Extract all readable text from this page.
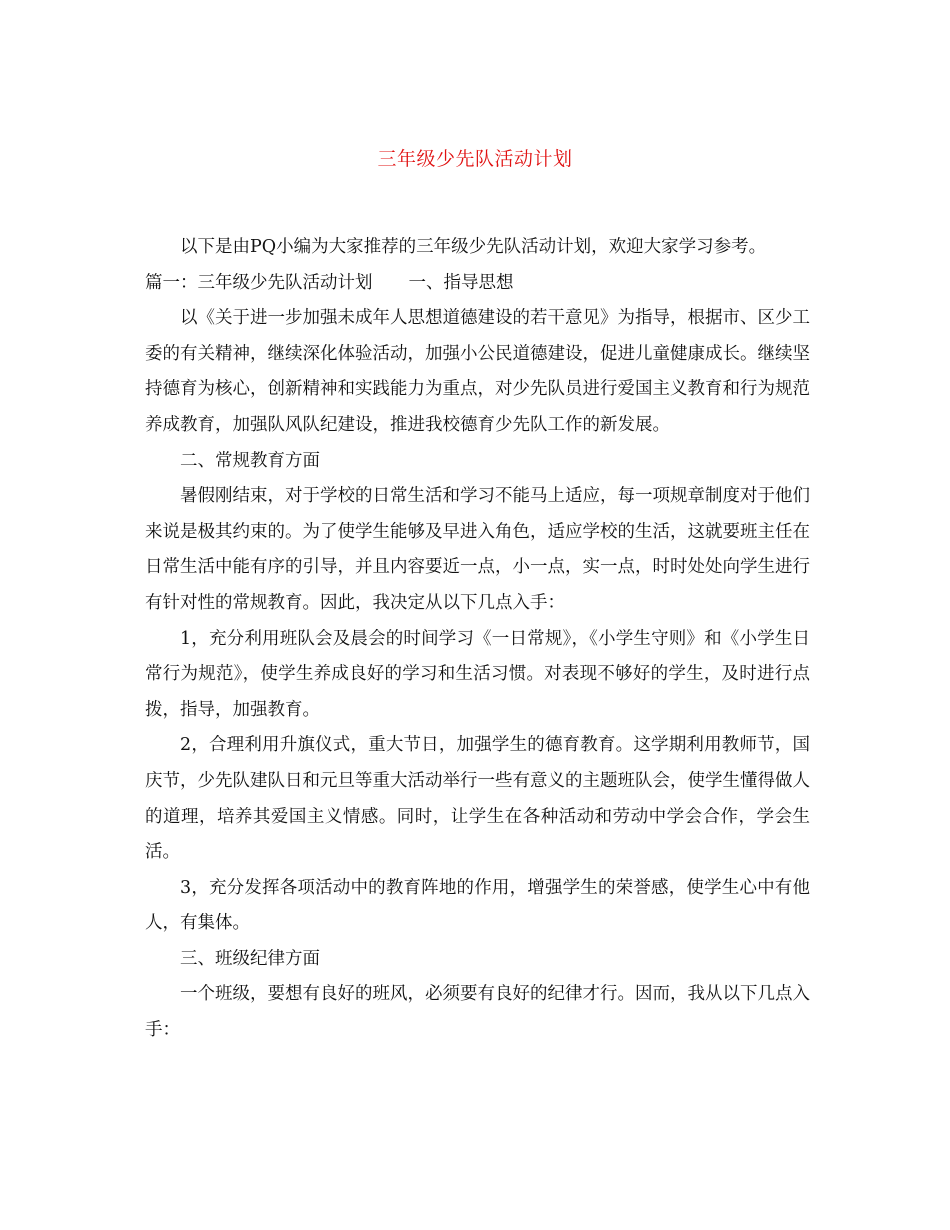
三年级少先队活动计划

以下是由PQ小编为大家推荐的三年级少先队活动计划，欢迎大家学习参考。

篇一：三年级少先队活动计划 一、指导思想

以《关于进一步加强未成年人思想道德建设的若干意见》为指导，根据市、区少工委的有关精神，继续深化体验活动，加强小公民道德建设，促进儿童健康成长。继续坚持德育为核心，创新精神和实践能力为重点，对少先队员进行爱国主义教育和行为规范养成教育，加强队风队纪建设，推进我校德育少先队工作的新发展。

二、常规教育方面

暑假刚结束，对于学校的日常生活和学习不能马上适应，每一项规章制度对于他们来说是极其约束的。为了使学生能够及早进入角色，适应学校的生活，这就要班主任在日常生活中能有序的引导，并且内容要近一点，小一点，实一点，时时处处向学生进行有针对性的常规教育。因此，我决定从以下几点入手：

1，充分利用班队会及晨会的时间学习《一日常规》，《小学生守则》和《小学生日常行为规范》，使学生养成良好的学习和生活习惯。对表现不够好的学生，及时进行点拨，指导，加强教育。

2，合理利用升旗仪式，重大节日，加强学生的德育教育。这学期利用教师节，国庆节，少先队建队日和元旦等重大活动举行一些有意义的主题班队会，使学生懂得做人的道理，培养其爱国主义情感。同时，让学生在各种活动和劳动中学会合作，学会生活。

3，充分发挥各项活动中的教育阵地的作用，增强学生的荣誉感，使学生心中有他人，有集体。

三、班级纪律方面

一个班级，要想有良好的班风，必须要有良好的纪律才行。因而，我从以下几点入手：
